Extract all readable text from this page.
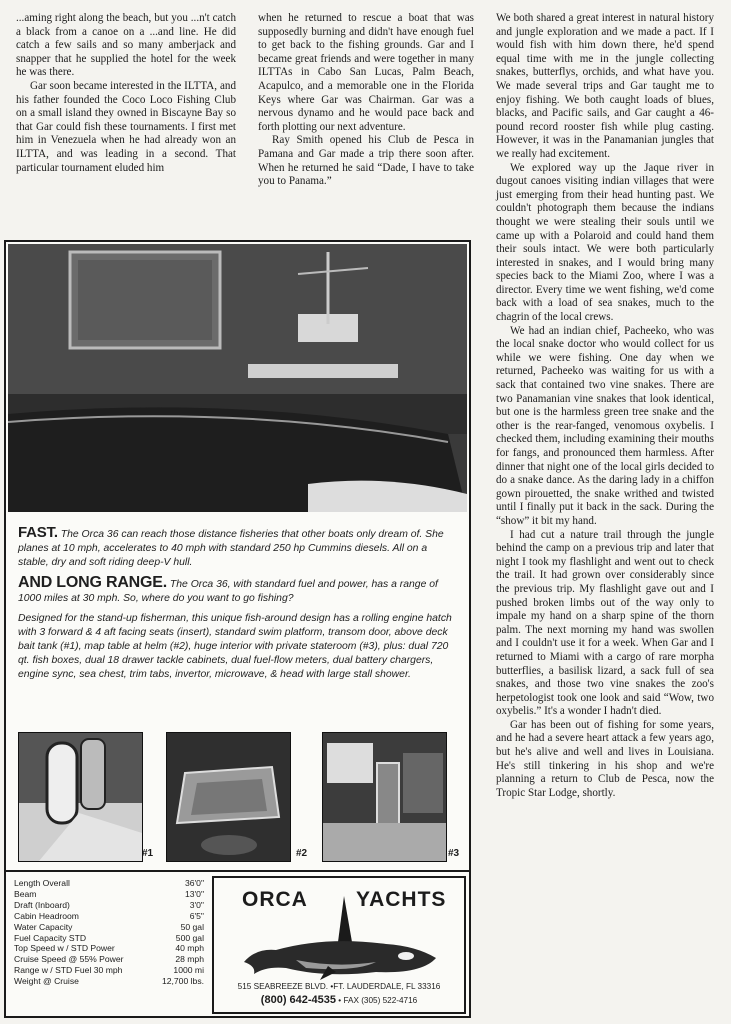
...aming right along the beach, but you ...n't catch a black from a canoe on a ...and line. He did catch a few sails and so many amberjack and snapper that he supplied the hotel for the week he was there.

Gar soon became interested in the ILTTA, and his father founded the Coco Loco Fishing Club on a small island they owned in Biscayne Bay so that Gar could fish these tournaments. I first met him in Venezuela when he had already won an ILTTA, and was leading in a second. That particular tournament eluded him

when he returned to rescue a boat that was supposedly burning and didn't have enough fuel to get back to the fishing grounds. Gar and I became great friends and were together in many ILTTAs in Cabo San Lucas, Palm Beach, Acapulco, and a memorable one in the Florida Keys where Gar was Chairman. Gar was a nervous dynamo and he would pace back and forth plotting our next adventure.

Ray Smith opened his Club de Pesca in Pamana and Gar made a trip there soon after. When he returned he said “Dade, I have to take you to Panama.”

We both shared a great interest in natural history and jungle exploration and we made a pact. If I would fish with him down there, he'd spend equal time with me in the jungle collecting snakes, butterflys, orchids, and what have you. We made several trips and Gar taught me to enjoy fishing. We both caught loads of blues, blacks, and Pacific sails, and Gar caught a 46-pound record rooster fish while plug casting. However, it was in the Panamanian jungles that we really had excitement.

We explored way up the Jaque river in dugout canoes visiting indian villages that were just emerging from their head hunting past. We couldn't photograph them because the indians thought we were stealing their souls until we came up with a Polaroid and could hand them their souls intact. We were both particularly interested in snakes, and I would bring many species back to the Miami Zoo, where I was a director. Every time we went fishing, we'd come back with a load of sea snakes, much to the chagrin of the local crews.

We had an indian chief, Pacheeko, who was the local snake doctor who would collect for us while we were fishing. One day when we returned, Pacheeko was waiting for us with a sack that contained two vine snakes. There are two Panamanian vine snakes that look identical, but one is the harmless green tree snake and the other is the rear-fanged, venomous oxybelis. I checked them, including examining their mouths for fangs, and pronounced them harmless. After dinner that night one of the local girls decided to do a snake dance. As the daring lady in a chiffon gown pirouetted, the snake writhed and twisted until I finally put it back in the sack. During the “show” it bit my hand.

I had cut a nature trail through the jungle behind the camp on a previous trip and later that night I took my flashlight and went out to check the trail. It had grown over considerably since the previous trip. My flashlight gave out and I pushed broken limbs out of the way only to impale my hand on a sharp spine of the thorn palm. The next morning my hand was swollen and I couldn't use it for a week. When Gar and I returned to Miami with a cargo of rare morpha butterflies, a basilisk lizard, a sack full of sea snakes, and those two vine snakes the zoo's herpetologist took one look and said “Wow, two oxybelis.” It's a wonder I hadn't died.

Gar has been out of fishing for some years, and he had a severe heart attack a few years ago, but he's alive and well and lives in Louisiana. He's still tinkering in his shop and we're planning a return to Club de Pesca, now the Tropic Star Lodge, shortly.

FAST. The Orca 36 can reach those distance fisheries that other boats only dream of. She planes at 10 mph, accelerates to 40 mph with standard 250 hp Cummins diesels. All on a stable, dry and soft riding deep-V hull.

AND LONG RANGE. The Orca 36, with standard fuel and power, has a range of 1000 miles at 30 mph. So, where do you want to go fishing?

Designed for the stand-up fisherman, this unique fish-around design has a rolling engine hatch with 3 forward & 4 aft facing seats (insert), standard swim platform, transom door, above deck bait tank (#1), map table at helm (#2), huge interior with private stateroom (#3), plus: dual 720 qt. fish boxes, dual 18 drawer tackle cabinets, dual fuel-flow meters, dual battery chargers, engine sync, sea chest, trim tabs, invertor, microwave, & head with large stall shower.

#1	#2	#3
Length Overall	36'0"
Beam	13'0"
Draft (Inboard)	3'0"
Cabin Headroom	6'5"
Water Capacity	50 gal
Fuel Capacity STD	500 gal
Top Speed w / STD Power	40 mph
Cruise Speed @ 55% Power	28 mph
Range w / STD Fuel 30 mph	1000 mi
Weight @ Cruise	12,700 lbs.
ORCA YACHTS
515 SEABREEZE BLVD. •FT. LAUDERDALE, FL 33316
(800) 642-4535 • FAX (305) 522-4716
